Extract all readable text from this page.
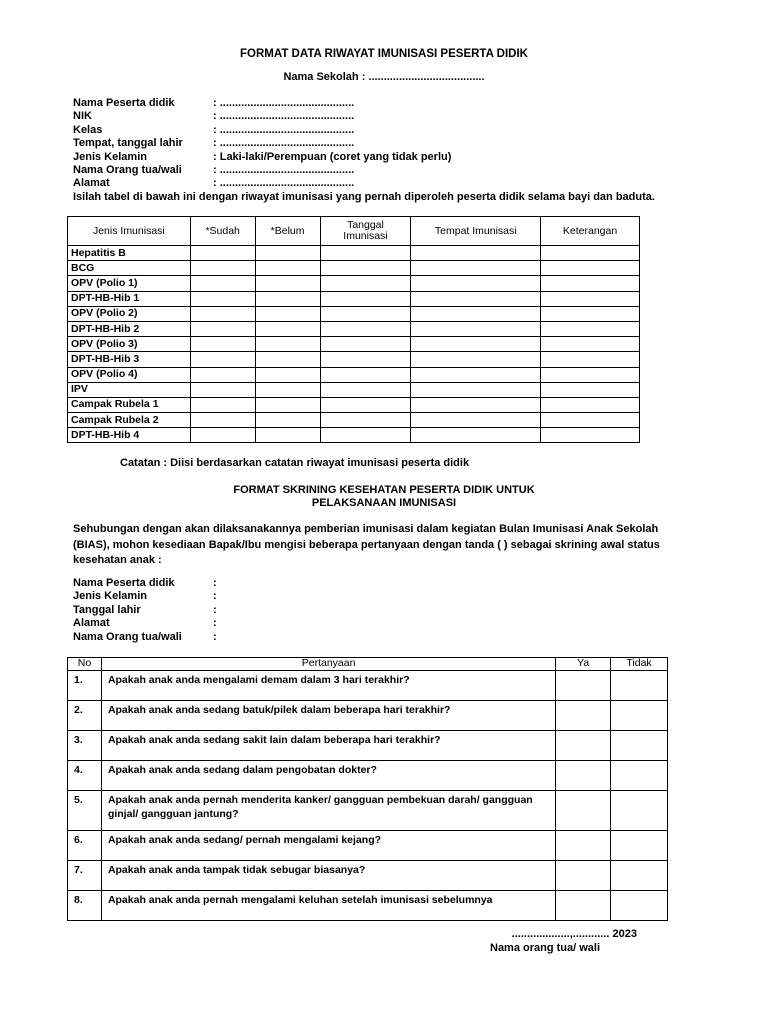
FORMAT DATA RIWAYAT IMUNISASI PESERTA DIDIK
Nama Sekolah : ......................................
Nama Peserta didik	: ............................................
NIK	: ............................................
Kelas	: ............................................
Tempat, tanggal lahir	: ............................................
Jenis Kelamin	: Laki-laki/Perempuan (coret yang tidak perlu)
Nama Orang tua/wali	: ............................................
Alamat	: ............................................
Isilah tabel di bawah ini dengan riwayat imunisasi yang pernah diperoleh peserta didik selama bayi dan baduta.
Jenis Imunisasi	*Sudah	*Belum	Tanggal Imunisasi	Tempat Imunisasi	Keterangan
Hepatitis B					
BCG					
OPV (Polio 1)					
DPT-HB-Hib 1					
OPV (Polio 2)					
DPT-HB-Hib 2					
OPV (Polio 3)					
DPT-HB-Hib 3					
OPV (Polio 4)					
IPV					
Campak Rubela 1					
Campak Rubela 2					
DPT-HB-Hib 4					
Catatan : Diisi berdasarkan catatan riwayat imunisasi peserta didik
FORMAT SKRINING KESEHATAN PESERTA DIDIK UNTUK
PELAKSANAAN IMUNISASI
Sehubungan dengan akan dilaksanakannya pemberian imunisasi dalam kegiatan Bulan Imunisasi Anak Sekolah (BIAS), mohon kesediaan Bapak/Ibu mengisi beberapa pertanyaan dengan tanda ( ) sebagai skrining awal status kesehatan anak :
Nama Peserta didik	:
Jenis Kelamin	:
Tanggal lahir	:
Alamat	:
Nama Orang tua/wali	:
No	Pertanyaan	Ya	Tidak
1.	Apakah anak anda mengalami demam dalam 3 hari terakhir?		
2.	Apakah anak anda sedang batuk/pilek dalam beberapa hari terakhir?		
3.	Apakah anak anda sedang sakit lain dalam beberapa hari terakhir?		
4.	Apakah anak anda sedang dalam pengobatan dokter?		
5.	Apakah anak anda pernah menderita kanker/ gangguan pembekuan darah/ gangguan ginjal/ gangguan jantung?		
6.	Apakah anak anda sedang/ pernah mengalami kejang?		
7.	Apakah anak anda tampak tidak sebugar biasanya?		
8.	Apakah anak anda pernah mengalami keluhan setelah imunisasi sebelumnya		
...................,............ 2023
Nama orang tua/ wali
